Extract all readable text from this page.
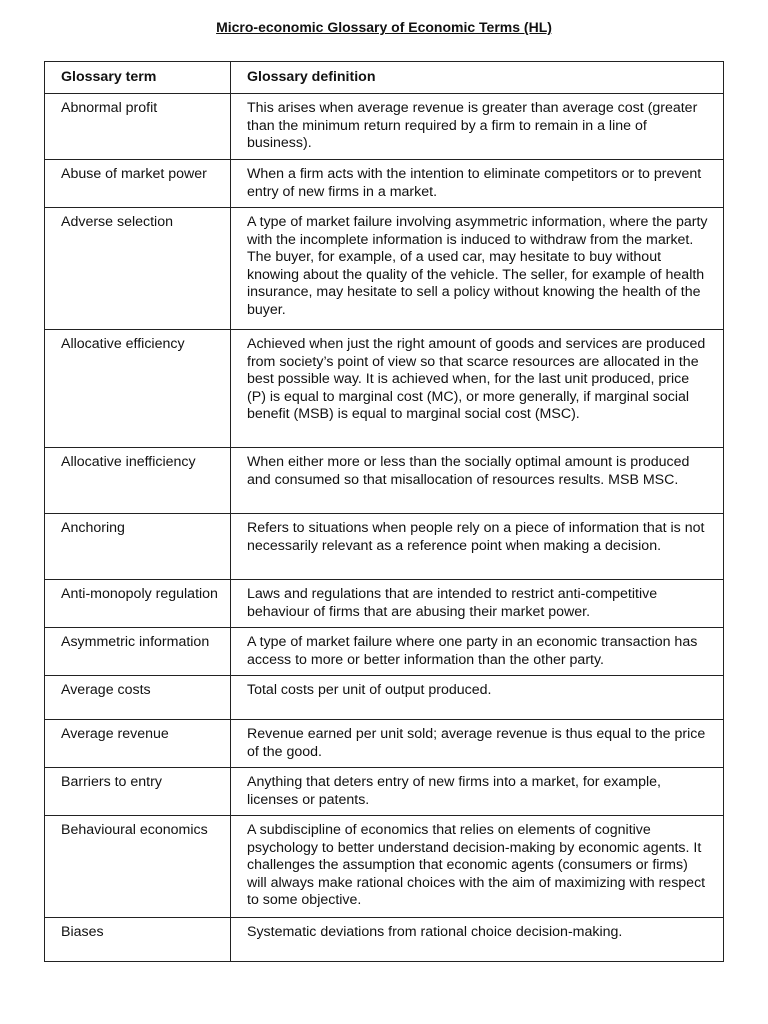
Micro-economic Glossary of Economic Terms (HL)
Glossary term	Glossary definition
Abnormal profit	This arises when average revenue is greater than average cost (greater than the minimum return required by a firm to remain in a line of business).
Abuse of market power	When a firm acts with the intention to eliminate competitors or to prevent entry of new firms in a market.
Adverse selection	A type of market failure involving asymmetric information, where the party with the incomplete information is induced to withdraw from the market. The buyer, for example, of a used car, may hesitate to buy without knowing about the quality of the vehicle. The seller, for example of health insurance, may hesitate to sell a policy without knowing the health of the buyer.
Allocative efficiency	Achieved when just the right amount of goods and services are produced from society’s point of view so that scarce resources are allocated in the best possible way. It is achieved when, for the last unit produced, price (P) is equal to marginal cost (MC), or more generally, if marginal social benefit (MSB) is equal to marginal social cost (MSC).
Allocative inefficiency	When either more or less than the socially optimal amount is produced and consumed so that misallocation of resources results. MSB MSC.
Anchoring	Refers to situations when people rely on a piece of information that is not necessarily relevant as a reference point when making a decision.
Anti-monopoly regulation	Laws and regulations that are intended to restrict anti-competitive behaviour of firms that are abusing their market power.
Asymmetric information	A type of market failure where one party in an economic transaction has access to more or better information than the other party.
Average costs	Total costs per unit of output produced.
Average revenue	Revenue earned per unit sold; average revenue is thus equal to the price of the good.
Barriers to entry	Anything that deters entry of new firms into a market, for example, licenses or patents.
Behavioural economics	A subdiscipline of economics that relies on elements of cognitive psychology to better understand decision-making by economic agents. It challenges the assumption that economic agents (consumers or firms) will always make rational choices with the aim of maximizing with respect to some objective.
Biases	Systematic deviations from rational choice decision-making.
